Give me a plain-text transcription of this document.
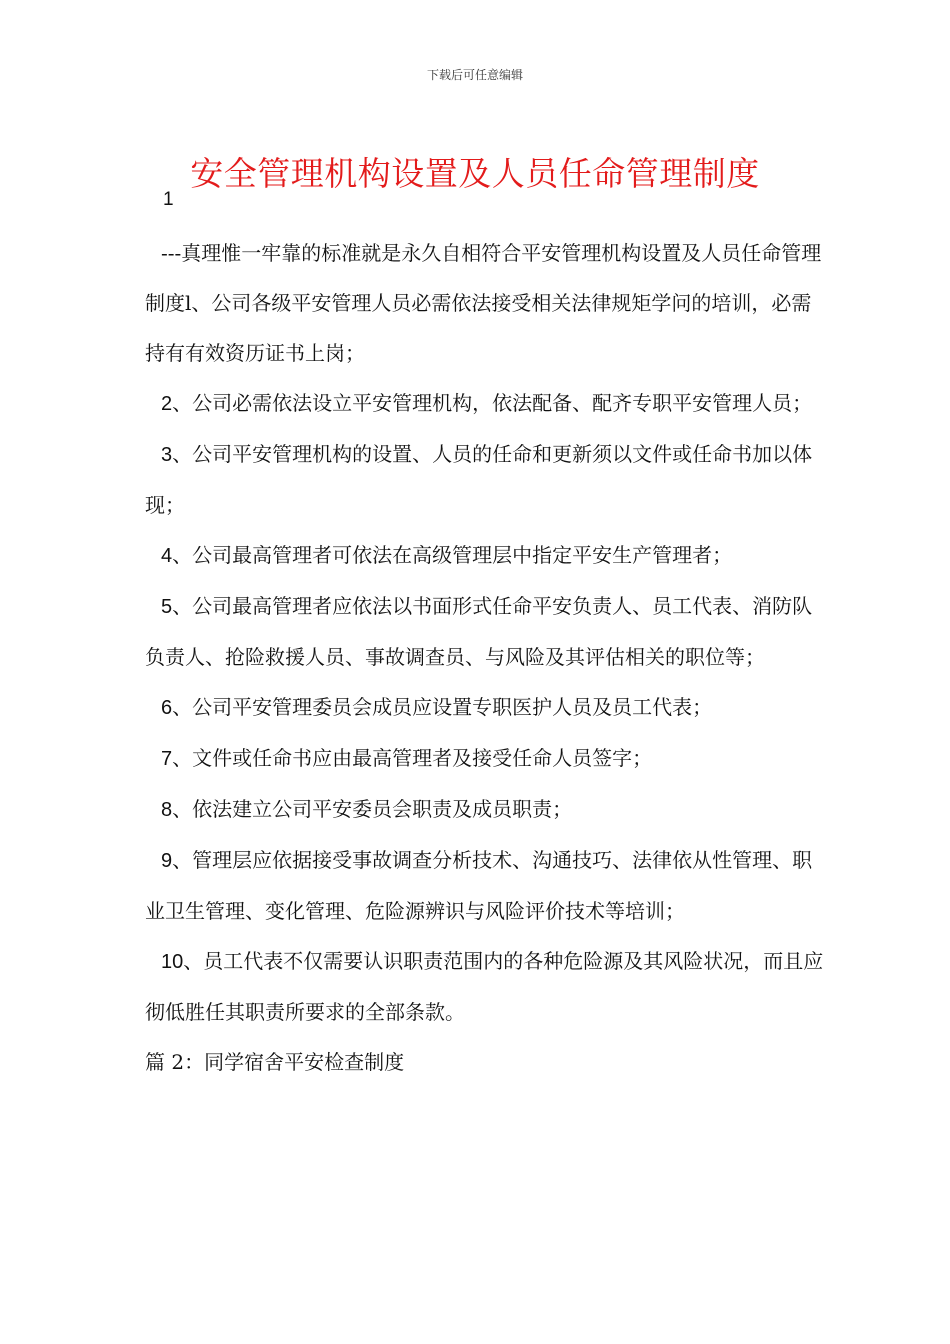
下载后可任意编辑
安全管理机构设置及人员任命管理制度
1

---真理惟一牢靠的标准就是永久自相符合平安管理机构设置及人员任命管理制度l、公司各级平安管理人员必需依法接受相关法律规矩学问的培训，必需持有有效资历证书上岗；

2、公司必需依法设立平安管理机构，依法配备、配齐专职平安管理人员；

3、公司平安管理机构的设置、人员的任命和更新须以文件或任命书加以体现；

4、公司最高管理者可依法在高级管理层中指定平安生产管理者；

5、公司最高管理者应依法以书面形式任命平安负责人、员工代表、消防队负责人、抢险救援人员、事故调查员、与风险及其评估相关的职位等；

6、公司平安管理委员会成员应设置专职医护人员及员工代表；

7、文件或任命书应由最高管理者及接受任命人员签字；

8、依法建立公司平安委员会职责及成员职责；

9、管理层应依据接受事故调查分析技术、沟通技巧、法律依从性管理、职业卫生管理、变化管理、危险源辨识与风险评价技术等培训；

10、员工代表不仅需要认识职责范围内的各种危险源及其风险状况，而且应彻低胜任其职责所要求的全部条款。

篇 2：同学宿舍平安检查制度
